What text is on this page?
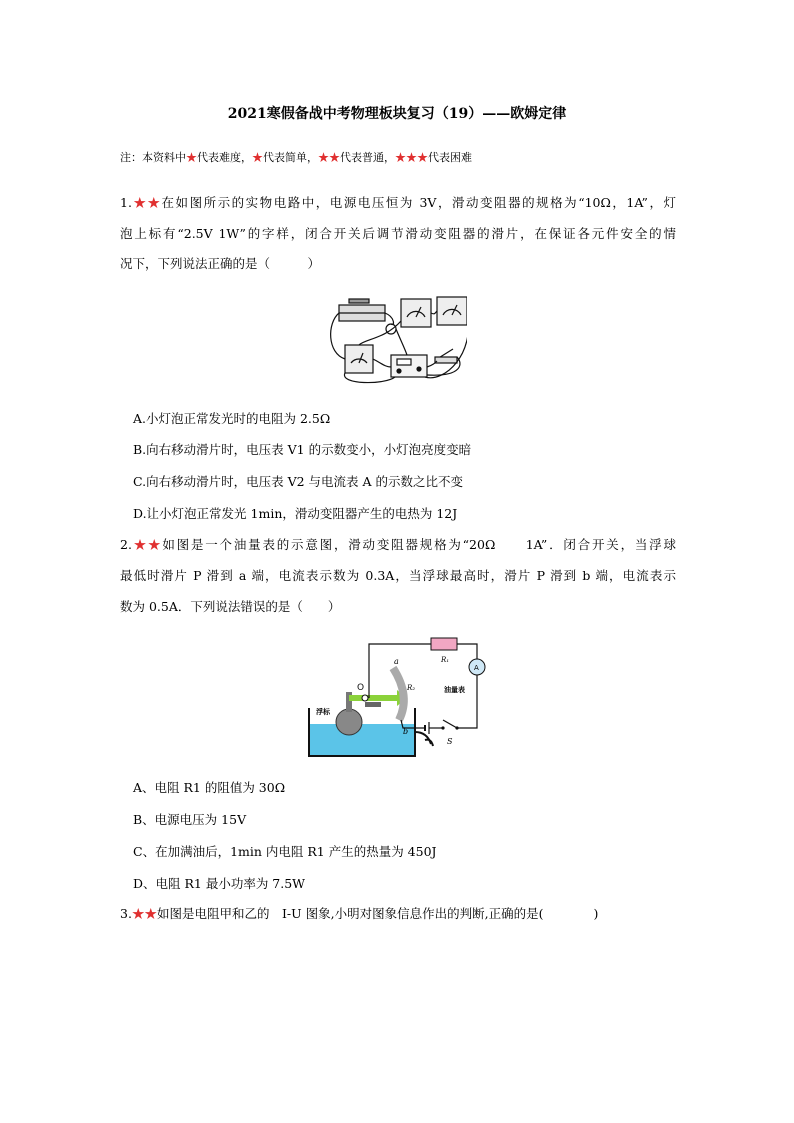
2021寒假备战中考物理板块复习（19）——欧姆定律
注：本资料中★代表难度，★代表简单，★★代表普通，★★★代表困难
1.★★在如图所示的实物电路中，电源电压恒为 3V，滑动变阻器的规格为“10Ω，1A”，灯
泡上标有“2.5V 1W”的字样，闭合开关后调节滑动变阻器的滑片，在保证各元件安全的情
况下，下列说法正确的是（　　　）
A.小灯泡正常发光时的电阻为 2.5Ω
B.向右移动滑片时，电压表 V1 的示数变小，小灯泡亮度变暗
C.向右移动滑片时，电压表 V2 与电流表 A 的示数之比不变
D.让小灯泡正常发光 1min，滑动变阻器产生的电热为 12J
2.★★如图是一个油量表的示意图，滑动变阻器规格为“20Ω　　1A”．闭合开关，当浮球
最低时滑片 P 滑到 a 端，电流表示数为 0.3A，当浮球最高时，滑片 P 滑到 b 端，电流表示
数为 0.5A．下列说法错误的是（　　）
浮标
O
a
b
R₁
R₂	油量表
A
S
A、电阻 R1 的阻值为 30Ω
B、电源电压为 15V
C、在加满油后，1min 内电阻 R1 产生的热量为 450J
D、电阻 R1 最小功率为 7.5W
3.★★如图是电阻甲和乙的　I-U 图象,小明对图象信息作出的判断,正确的是(　　　　)
